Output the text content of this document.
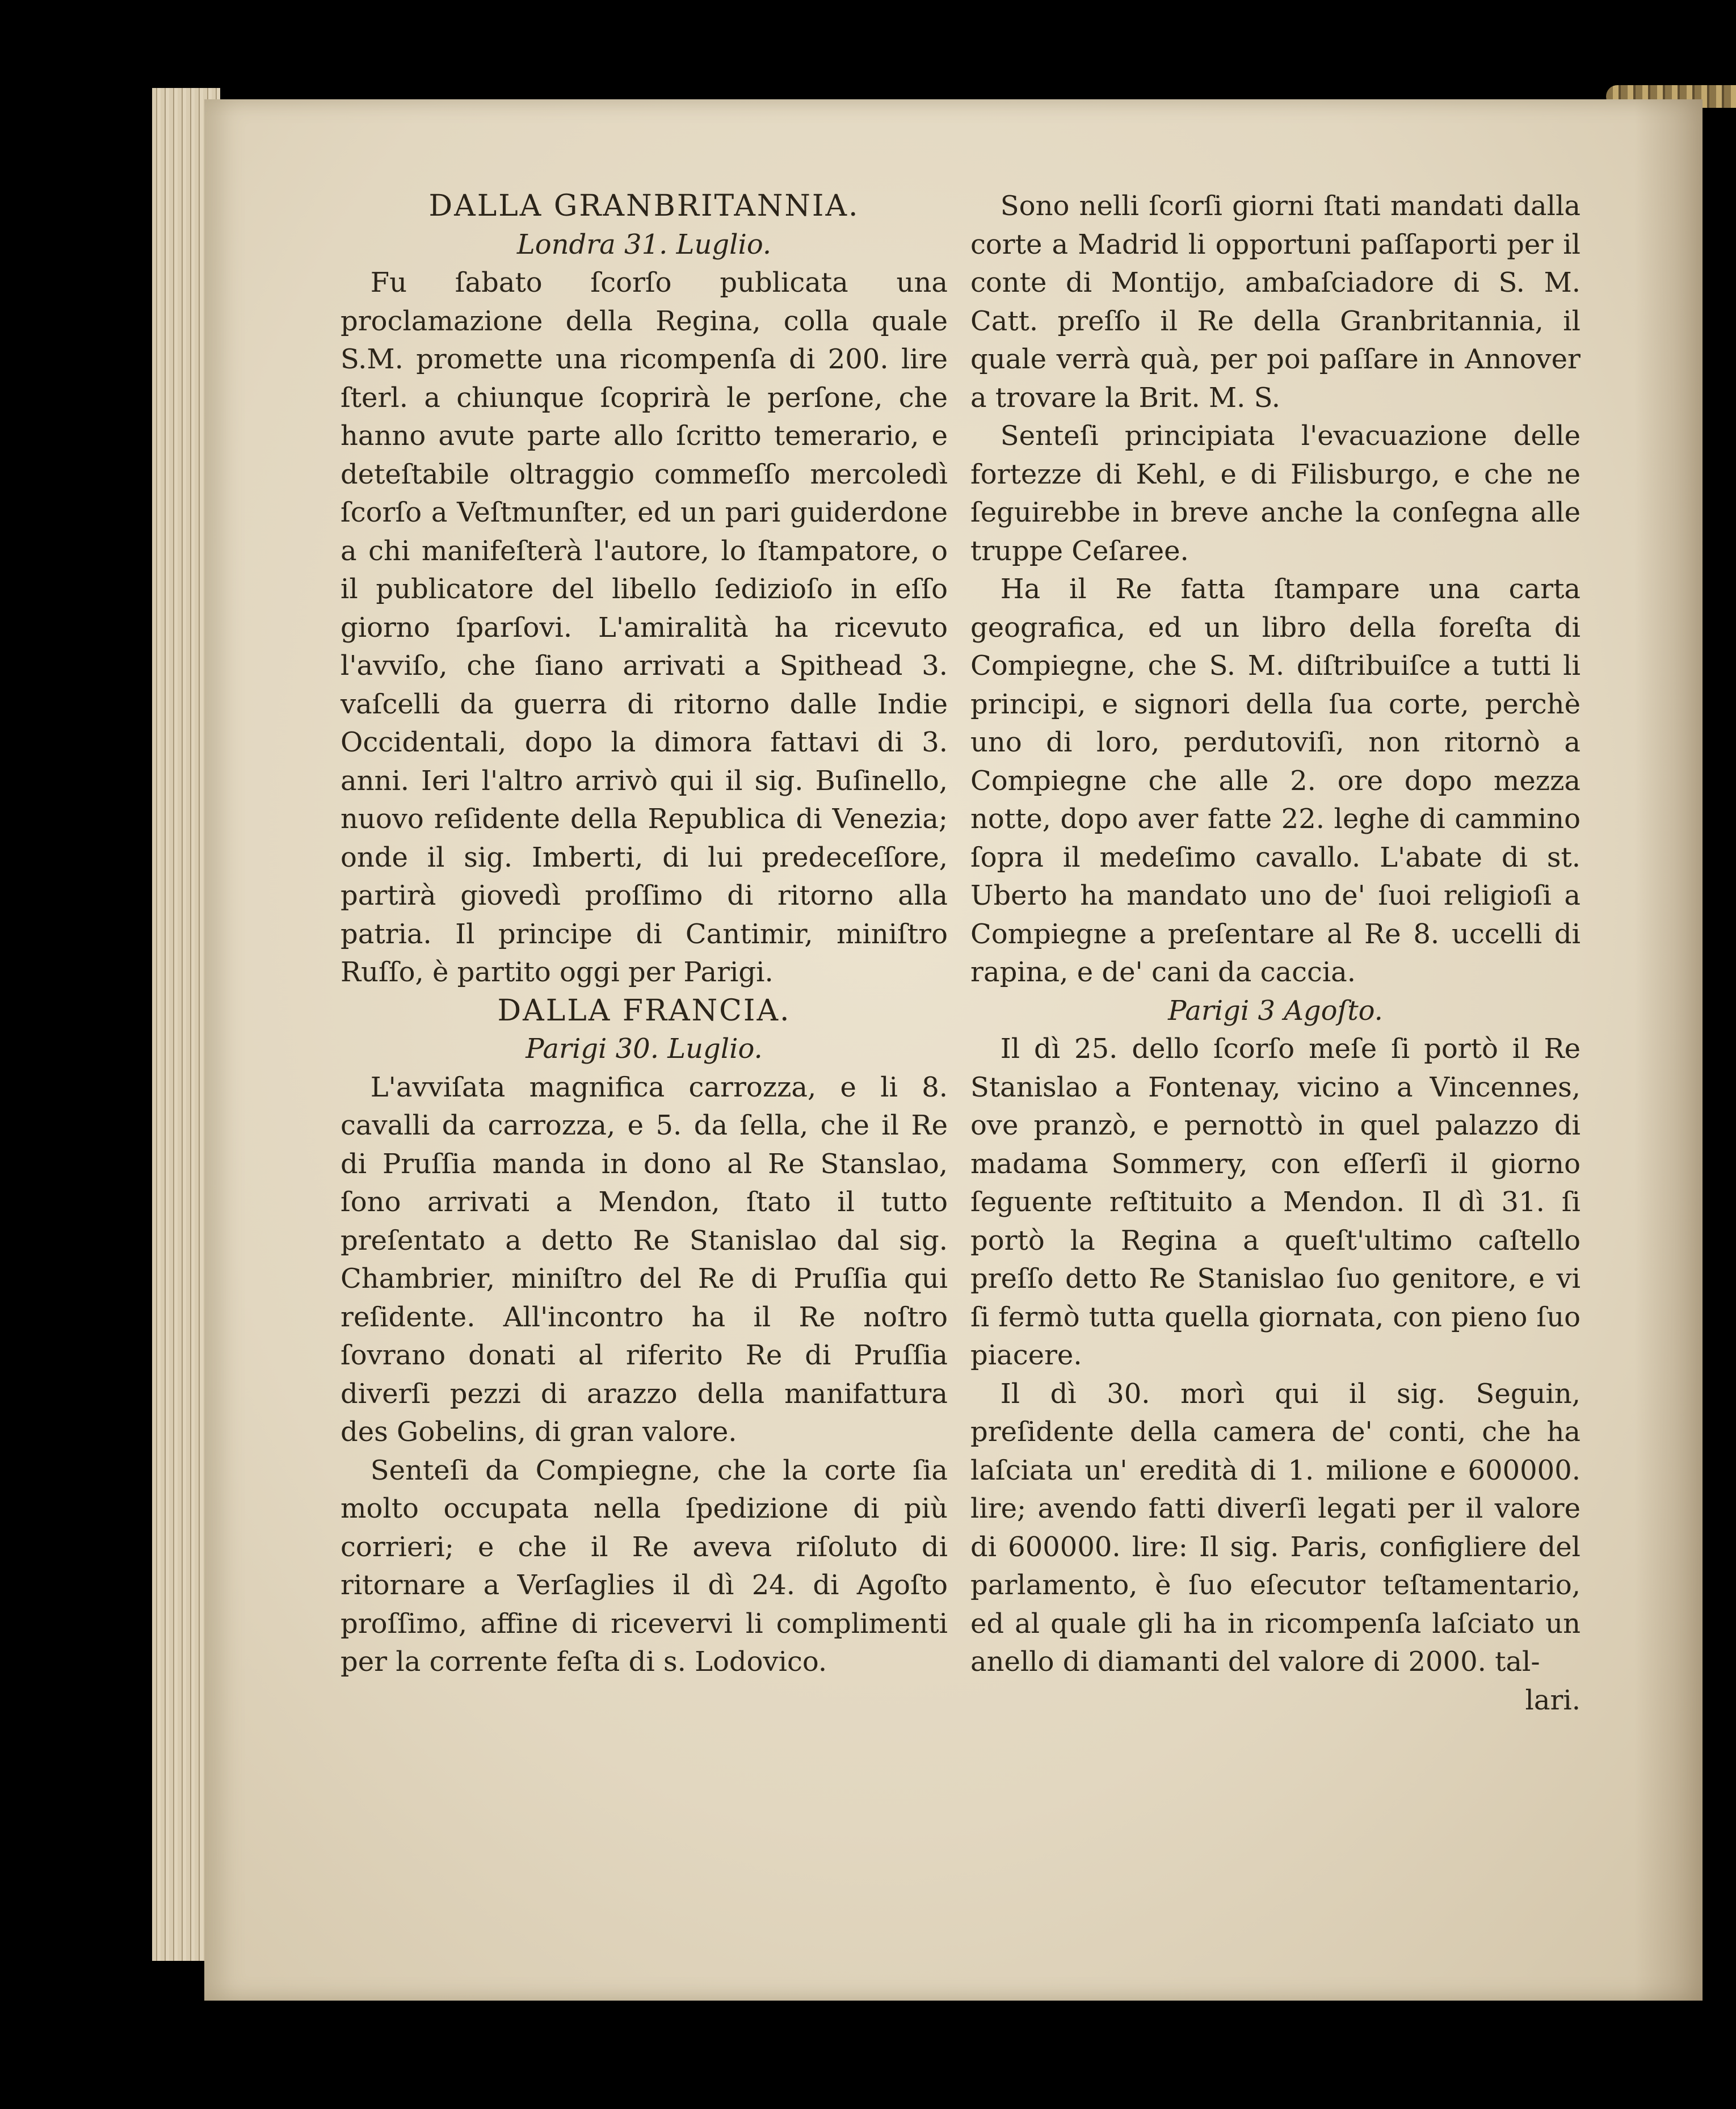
DALLA GRANBRITANNIA.
Londra 31. Luglio.

Fu ſabato ſcorſo publicata una proclamazione della Regina, colla quale S.M. promette una ricompenſa di 200. lire ſterl. a chiunque ſcoprirà le perſone, che hanno avute parte allo ſcritto temerario, e deteſtabile oltraggio commeſſo mercoledì ſcorſo a Veſtmunſter, ed un pari guiderdone a chi manifeſterà l'autore, lo ſtampatore, o il publicatore del libello ſedizioſo in eſſo giorno ſparſovi. L'amiralità ha ricevuto l'avviſo, che ſiano arrivati a Spithead 3. vaſcelli da guerra di ritorno dalle Indie Occidentali, dopo la dimora fattavi di 3. anni. Ieri l'altro arrivò qui il sig. Buſinello, nuovo reſidente della Republica di Venezia; onde il sig. Imberti, di lui predeceſſore, partirà giovedì proſſimo di ritorno alla patria. Il principe di Cantimir, miniſtro Ruſſo, è partito oggi per Parigi.

DALLA FRANCIA.
Parigi 30. Luglio.

L'avviſata magnifica carrozza, e li 8. cavalli da carrozza, e 5. da ſella, che il Re di Pruſſia manda in dono al Re Stanslao, ſono arrivati a Mendon, ſtato il tutto preſentato a detto Re Stanislao dal sig. Chambrier, miniſtro del Re di Pruſſia qui reſidente. All'incontro ha il Re noſtro ſovrano donati al riferito Re di Pruſſia diverſi pezzi di arazzo della manifattura des Gobelins, di gran valore.

Senteſi da Compiegne, che la corte ſia molto occupata nella ſpedizione di più corrieri; e che il Re aveva riſoluto di ritornare a Verſaglies il dì 24. di Agoſto proſſimo, affine di ricevervi li complimenti per la corrente feſta di s. Lodovico.

Sono nelli ſcorſi giorni ſtati mandati dalla corte a Madrid li opportuni paſſaporti per il conte di Montijo, ambaſciadore di S. M. Catt. preſſo il Re della Granbritannia, il quale verrà quà, per poi paſſare in Annover a trovare la Brit. M. S.

Senteſi principiata l'evacuazione delle fortezze di Kehl, e di Filisburgo, e che ne ſeguirebbe in breve anche la conſegna alle truppe Ceſaree.

Ha il Re fatta ſtampare una carta geografica, ed un libro della foreſta di Compiegne, che S. M. diſtribuiſce a tutti li principi, e signori della ſua corte, perchè uno di loro, perdutoviſi, non ritornò a Compiegne che alle 2. ore dopo mezza notte, dopo aver fatte 22. leghe di cammino ſopra il medeſimo cavallo. L'abate di st. Uberto ha mandato uno de' ſuoi religioſi a Compiegne a preſentare al Re 8. uccelli di rapina, e de' cani da caccia.

Parigi 3 Agoſto.

Il dì 25. dello ſcorſo meſe ſi portò il Re Stanislao a Fontenay, vicino a Vincennes, ove pranzò, e pernottò in quel palazzo di madama Sommery, con eſſerſi il giorno ſeguente reſtituito a Mendon. Il dì 31. ſi portò la Regina a queſt'ultimo caſtello preſſo detto Re Stanislao ſuo genitore, e vi ſi fermò tutta quella giornata, con pieno ſuo piacere.

Il dì 30. morì qui il sig. Seguin, preſidente della camera de' conti, che ha laſciata un' eredità di 1. milione e 600000. lire; avendo fatti diverſi legati per il valore di 600000. lire: Il sig. Paris, configliere del parlamento, è ſuo eſecutor teſtamentario, ed al quale gli ha in ricompenſa laſciato un anello di diamanti del valore di 2000. tal-

lari.
